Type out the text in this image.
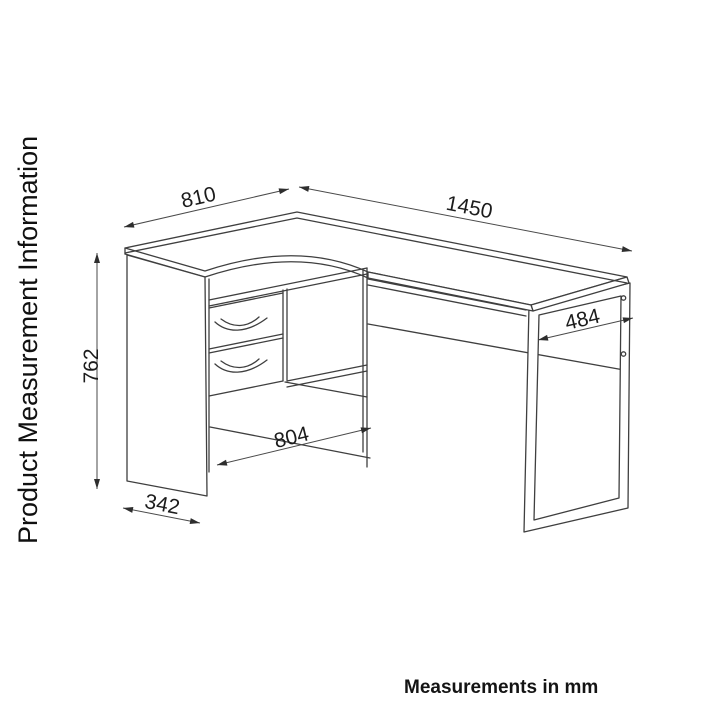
Product Measurement Information	810	1450
762
484
804
342
Measurements in mm
